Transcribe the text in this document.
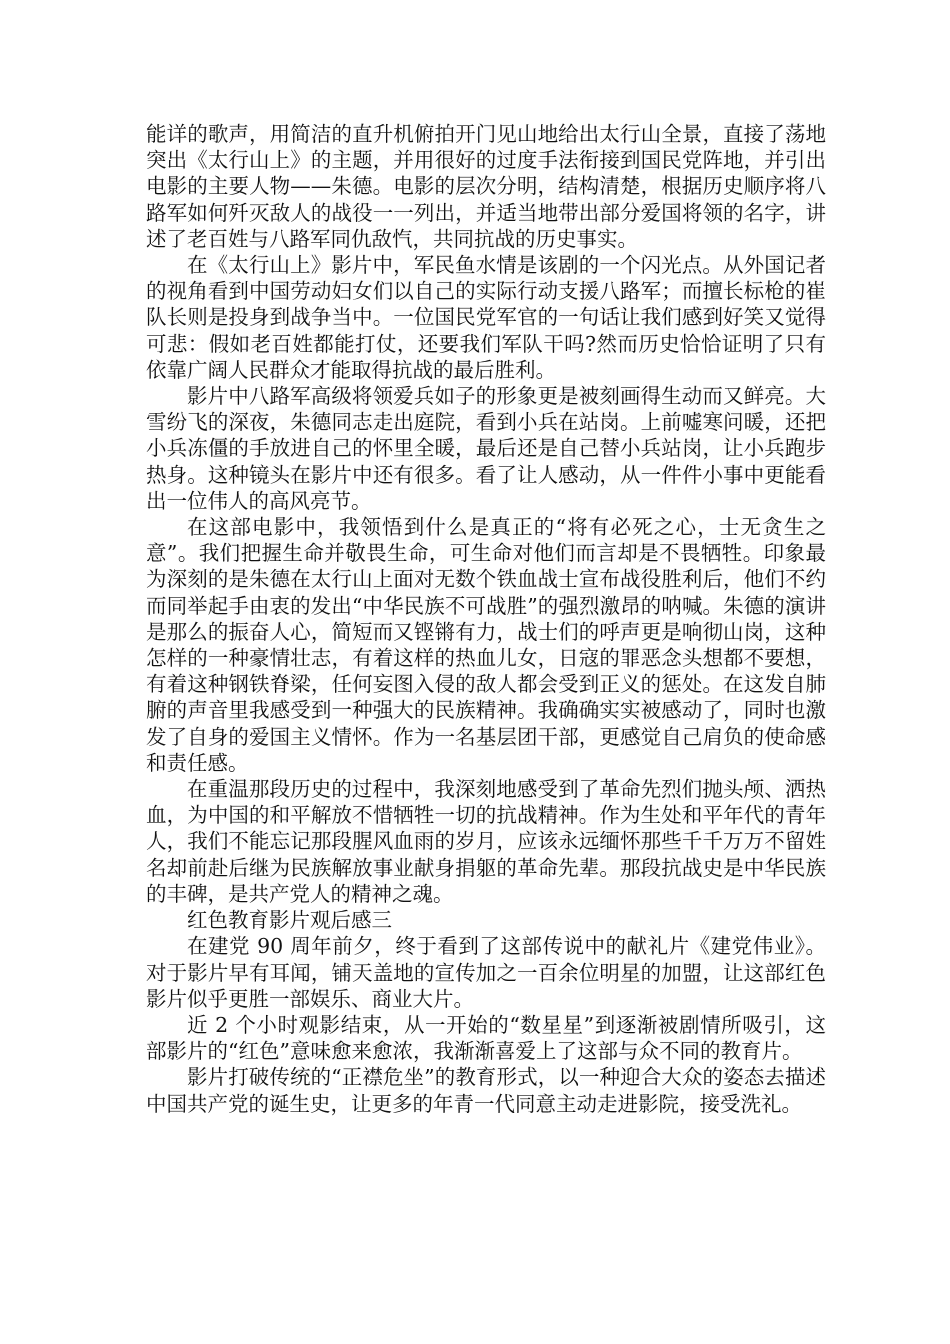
能详的歌声，用简洁的直升机俯拍开门见山地给出太行山全景，直接了荡地突出《太行山上》的主题，并用很好的过度手法衔接到国民党阵地，并引出电影的主要人物——朱德。电影的层次分明，结构清楚，根据历史顺序将八路军如何歼灭敌人的战役一一列出，并适当地带出部分爱国将领的名字，讲述了老百姓与八路军同仇敌忾，共同抗战的历史事实。

在《太行山上》影片中，军民鱼水情是该剧的一个闪光点。从外国记者的视角看到中国劳动妇女们以自己的实际行动支援八路军；而擅长标枪的崔队长则是投身到战争当中。一位国民党军官的一句话让我们感到好笑又觉得可悲：假如老百姓都能打仗，还要我们军队干吗?然而历史恰恰证明了只有依靠广阔人民群众才能取得抗战的最后胜利。

影片中八路军高级将领爱兵如子的形象更是被刻画得生动而又鲜亮。大雪纷飞的深夜，朱德同志走出庭院，看到小兵在站岗。上前嘘寒问暖，还把小兵冻僵的手放进自己的怀里全暖，最后还是自己替小兵站岗，让小兵跑步热身。这种镜头在影片中还有很多。看了让人感动，从一件件小事中更能看出一位伟人的高风亮节。

在这部电影中，我领悟到什么是真正的“将有必死之心，士无贪生之意”。我们把握生命并敬畏生命，可生命对他们而言却是不畏牺牲。印象最为深刻的是朱德在太行山上面对无数个铁血战士宣布战役胜利后，他们不约而同举起手由衷的发出“中华民族不可战胜”的强烈激昂的呐喊。朱德的演讲是那么的振奋人心，简短而又铿锵有力，战士们的呼声更是响彻山岗，这种怎样的一种豪情壮志，有着这样的热血儿女，日寇的罪恶念头想都不要想，有着这种钢铁脊梁，任何妄图入侵的敌人都会受到正义的惩处。在这发自肺腑的声音里我感受到一种强大的民族精神。我确确实实被感动了，同时也激发了自身的爱国主义情怀。作为一名基层团干部，更感觉自己肩负的使命感和责任感。

在重温那段历史的过程中，我深刻地感受到了革命先烈们抛头颅、洒热血，为中国的和平解放不惜牺牲一切的抗战精神。作为生处和平年代的青年人，我们不能忘记那段腥风血雨的岁月，应该永远缅怀那些千千万万不留姓名却前赴后继为民族解放事业献身捐躯的革命先辈。那段抗战史是中华民族的丰碑，是共产党人的精神之魂。

红色教育影片观后感三

在建党 90 周年前夕，终于看到了这部传说中的献礼片《建党伟业》。对于影片早有耳闻，铺天盖地的宣传加之一百余位明星的加盟，让这部红色影片似乎更胜一部娱乐、商业大片。

近 2 个小时观影结束，从一开始的“数星星”到逐渐被剧情所吸引，这部影片的“红色”意味愈来愈浓，我渐渐喜爱上了这部与众不同的教育片。

影片打破传统的“正襟危坐”的教育形式，以一种迎合大众的姿态去描述中国共产党的诞生史，让更多的年青一代同意主动走进影院，接受洗礼。
